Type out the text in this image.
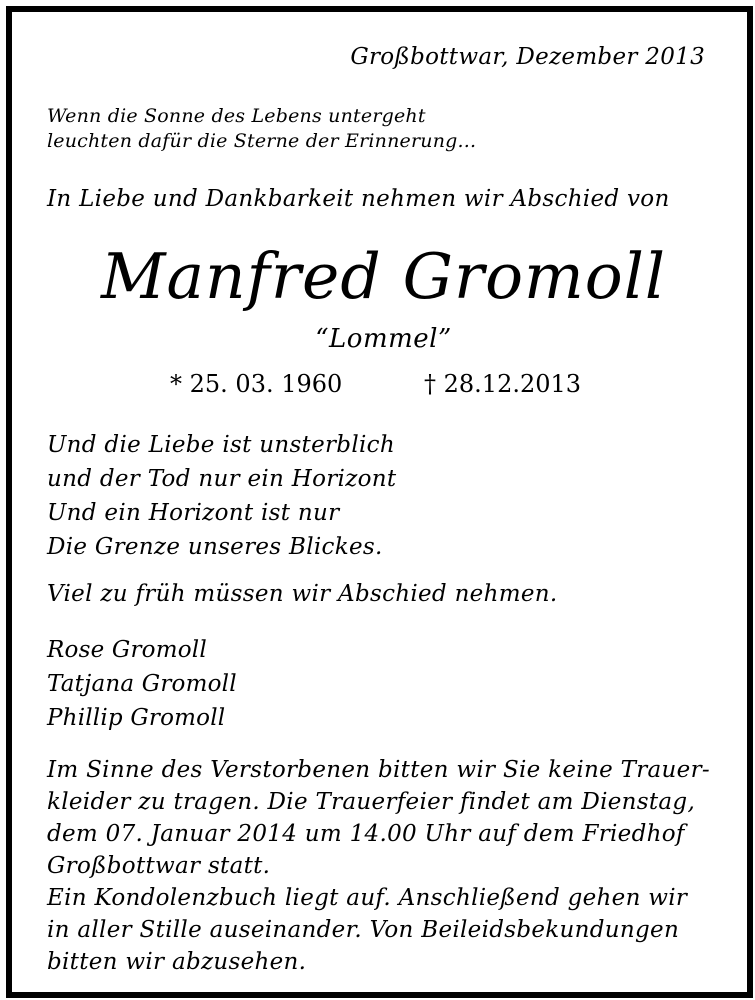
Großbottwar, Dezember 2013

Wenn die Sonne des Lebens untergeht
leuchten dafür die Sterne der Erinnerung...

In Liebe und Dankbarkeit nehmen wir Abschied von

Manfred Gromoll

“Lommel”

* 25. 03. 1960	† 28.12.2013

Und die Liebe ist unsterblich
und der Tod nur ein Horizont
Und ein Horizont ist nur
Die Grenze unseres Blickes.

Viel zu früh müssen wir Abschied nehmen.

Rose Gromoll
Tatjana Gromoll
Phillip Gromoll
Im Sinne des Verstorbenen bitten wir Sie keine Trauer-
kleider zu tragen. Die Trauerfeier findet am Dienstag,
dem 07. Januar 2014 um 14.00 Uhr auf dem Friedhof
Großbottwar statt.
Ein Kondolenzbuch liegt auf. Anschließend gehen wir
in aller Stille auseinander. Von Beileidsbekundungen
bitten wir abzusehen.
